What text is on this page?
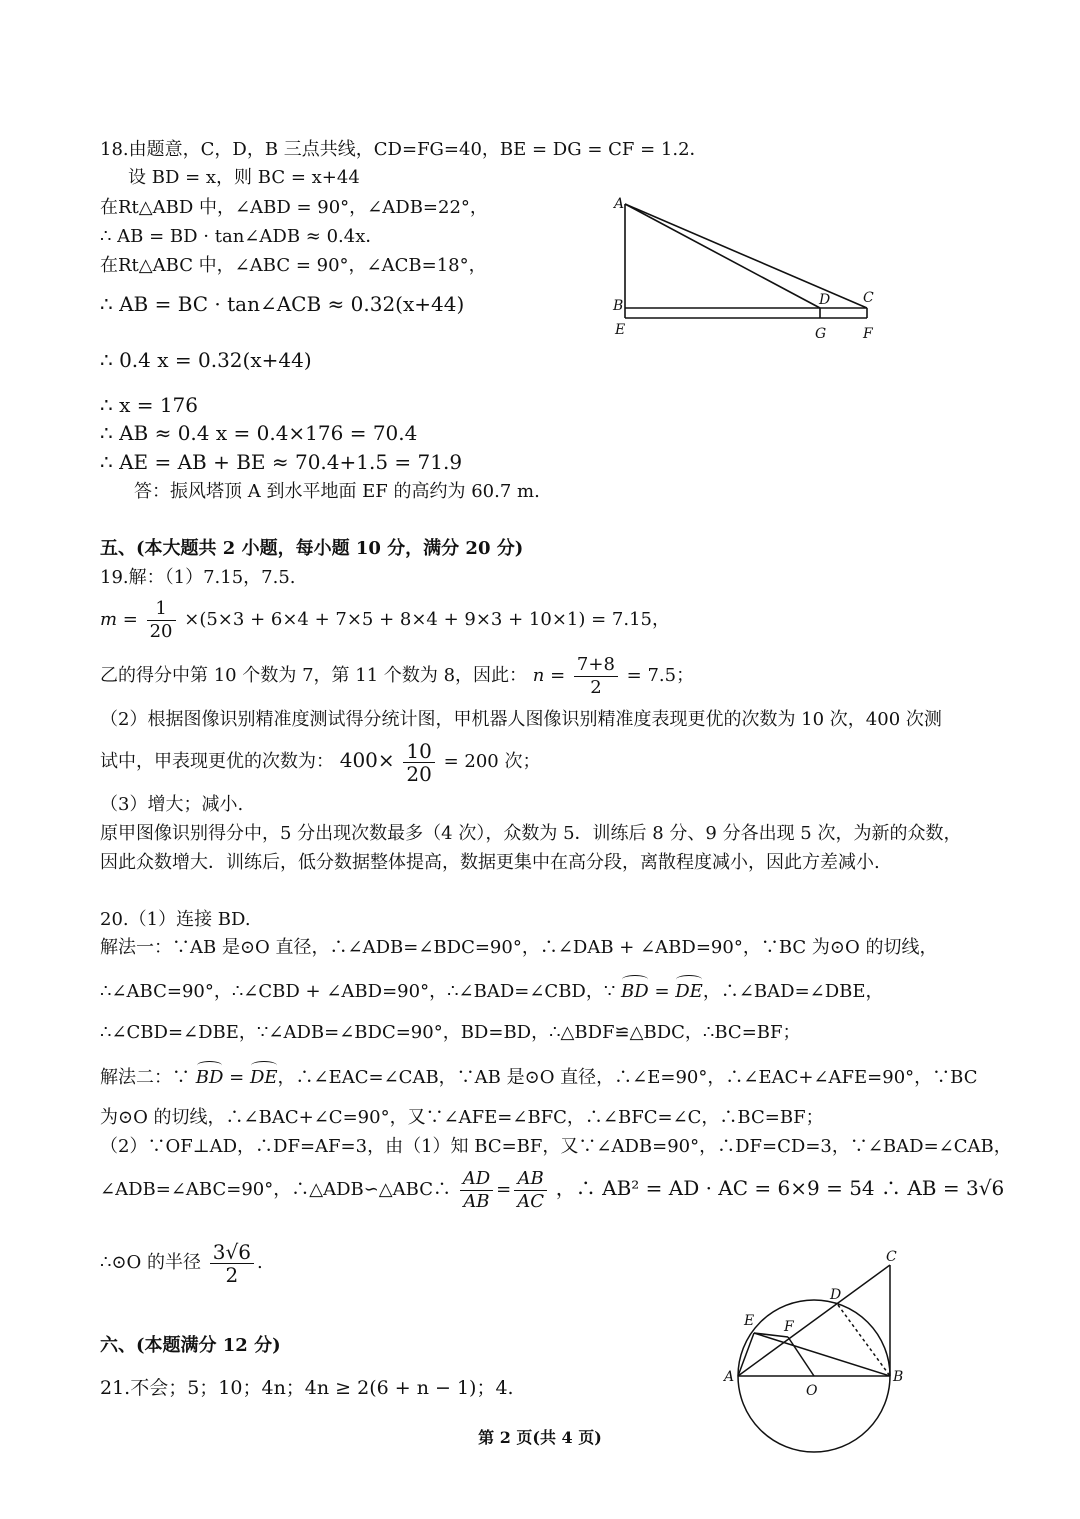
18.由题意，C，D，B 三点共线，CD=FG=40，BE = DG = CF = 1.2．
设 BD = x，则 BC = x+44
在Rt△ABD 中，∠ABD = 90°，∠ADB=22°，
∴ AB = BD · tan∠ADB ≈ 0.4x．
在Rt△ABC 中，∠ABC = 90°，∠ACB=18°，
∴ AB = BC · tan∠ACB ≈ 0.32(x+44)
∴ 0.4 x = 0.32(x+44)
∴ x = 176
∴ AB ≈ 0.4 x = 0.4×176 = 70.4
∴ AE = AB + BE ≈ 70.4+1.5 = 71.9
答：振风塔顶 A 到水平地面 EF 的高约为 60.7 m.
A
B	C
D
E	G	F
五、(本大题共 2 小题，每小题 10 分，满分 20 分)
19.解：（1）7.15，7.5.
$m = \frac{1}{20} \times(5\times 3 + 6\times 4 + 7\times 5 + 8\times 4 + 9\times 3 + 10\times 1) = 7.15$，
乙的得分中第 10 个数为 7，第 11 个数为 8，因此： $n = \frac{7+8}{2} = 7.5$；
（2）根据图像识别精准度测试得分统计图，甲机器人图像识别精准度表现更优的次数为 10 次，400 次测
试中，甲表现更优的次数为： $400\times \frac{10}{20} = 200$ 次；
（3）增大；减小.
原甲图像识别得分中，5 分出现次数最多（4 次），众数为 5．训练后 8 分、9 分各出现 5 次，为新的众数，
因此众数增大．训练后，低分数据整体提高，数据更集中在高分段，离散程度减小，因此方差减小.
20.（1）连接 BD.
解法一：∵AB 是⊙O 直径，∴∠ADB=∠BDC=90°，∴∠DAB + ∠ABD=90°，∵BC 为⊙O 的切线，
∴∠ABC=90°，∴∠CBD + ∠ABD=90°，∴∠BAD=∠CBD，∵ BD = DE，∴∠BAD=∠DBE，
∴∠CBD=∠DBE，∵∠ADB=∠BDC=90°，BD=BD，∴△BDF≌△BDC，∴BC=BF；
解法二：∵ BD = DE，∴∠EAC=∠CAB，∵AB 是⊙O 直径，∴∠E=90°，∴∠EAC+∠AFE=90°，∵BC
为⊙O 的切线，∴∠BAC+∠C=90°，又∵∠AFE=∠BFC，∴∠BFC=∠C，∴BC=BF；
（2）∵OF⊥AD，∴DF=AF=3，由（1）知 BC=BF，又∵∠ADB=90°，∴DF=CD=3，∵∠BAD=∠CAB，
∠ADB=∠ABC=90°，∴△ADB∽△ABC∴ $\frac{AD}{AB} = \frac{AB}{AC}$ ，∴ AB² = AD · AC = 6×9 = 54 ∴ AB = 3√6
∴⊙O 的半径 $\frac{3√6}{2}$ .
六、(本题满分 12 分)
21.不会；5；10；4n；4n ≥ 2(6 + n − 1)；4.	A	B
C
D
E F
O
第 2 页(共 4 页)
